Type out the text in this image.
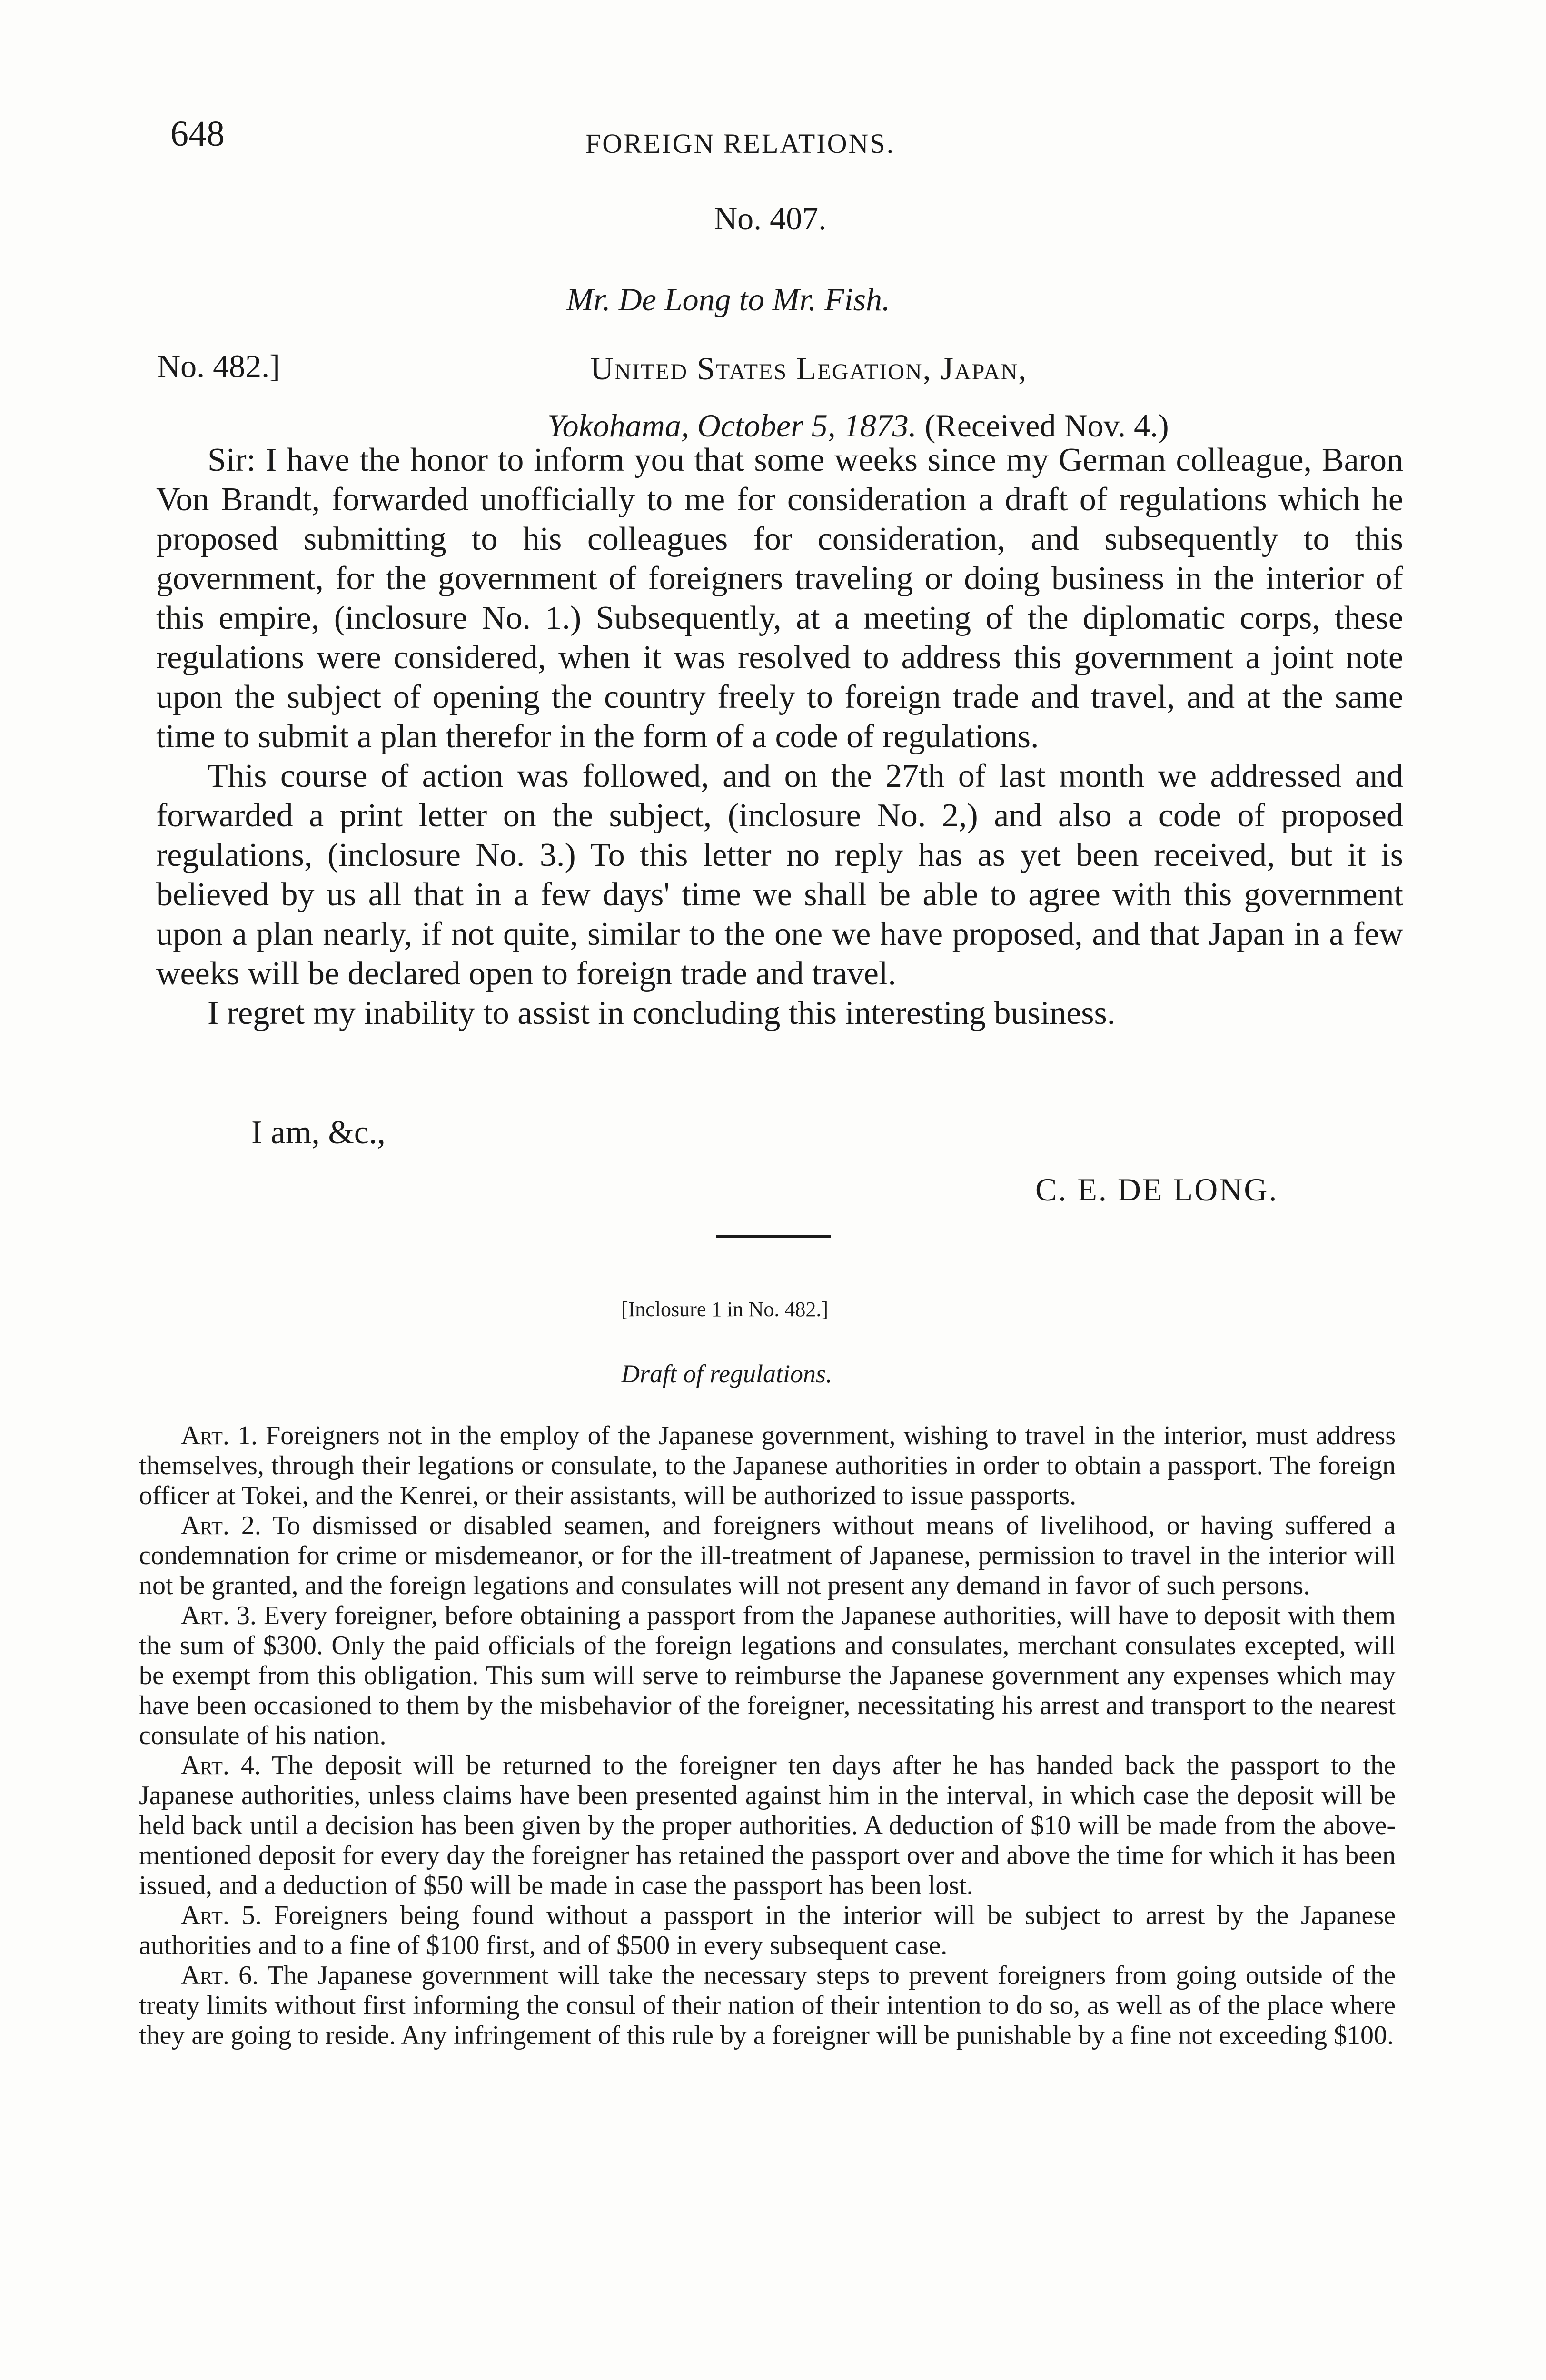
648	FOREIGN RELATIONS.
No. 407.
Mr. De Long to Mr. Fish.
No. 482.]	United States Legation, Japan,
Yokohama, October 5, 1873. (Received Nov. 4.)

Sir: I have the honor to inform you that some weeks since my German colleague, Baron Von Brandt, forwarded unofficially to me for consideration a draft of regulations which he proposed submitting to his colleagues for consideration, and subsequently to this government, for the government of foreigners traveling or doing business in the interior of this empire, (inclosure No. 1.) Subsequently, at a meeting of the diplomatic corps, these regulations were considered, when it was resolved to address this government a joint note upon the subject of opening the country freely to foreign trade and travel, and at the same time to submit a plan therefor in the form of a code of regulations.

This course of action was followed, and on the 27th of last month we addressed and forwarded a print letter on the subject, (inclosure No. 2,) and also a code of proposed regulations, (inclosure No. 3.) To this letter no reply has as yet been received, but it is believed by us all that in a few days' time we shall be able to agree with this government upon a plan nearly, if not quite, similar to the one we have proposed, and that Japan in a few weeks will be declared open to foreign trade and travel.

I regret my inability to assist in concluding this interesting business.

I am, &c.,
C. E. DE LONG.
[Inclosure 1 in No. 482.]
Draft of regulations.

Art. 1. Foreigners not in the employ of the Japanese government, wishing to travel in the interior, must address themselves, through their legations or consulate, to the Japanese authorities in order to obtain a passport. The foreign officer at Tokei, and the Kenrei, or their assistants, will be authorized to issue passports.

Art. 2. To dismissed or disabled seamen, and foreigners without means of livelihood, or having suffered a condemnation for crime or misdemeanor, or for the ill-treatment of Japanese, permission to travel in the interior will not be granted, and the foreign legations and consulates will not present any demand in favor of such persons.

Art. 3. Every foreigner, before obtaining a passport from the Japanese authorities, will have to deposit with them the sum of $300. Only the paid officials of the foreign legations and consulates, merchant consulates excepted, will be exempt from this obligation. This sum will serve to reimburse the Japanese government any expenses which may have been occasioned to them by the misbehavior of the foreigner, necessitating his arrest and transport to the nearest consulate of his nation.

Art. 4. The deposit will be returned to the foreigner ten days after he has handed back the passport to the Japanese authorities, unless claims have been presented against him in the interval, in which case the deposit will be held back until a decision has been given by the proper authorities. A deduction of $10 will be made from the above-mentioned deposit for every day the foreigner has retained the passport over and above the time for which it has been issued, and a deduction of $50 will be made in case the passport has been lost.

Art. 5. Foreigners being found without a passport in the interior will be subject to arrest by the Japanese authorities and to a fine of $100 first, and of $500 in every subsequent case.

Art. 6. The Japanese government will take the necessary steps to prevent foreigners from going outside of the treaty limits without first informing the consul of their nation of their intention to do so, as well as of the place where they are going to reside. Any infringement of this rule by a foreigner will be punishable by a fine not exceeding $100.
